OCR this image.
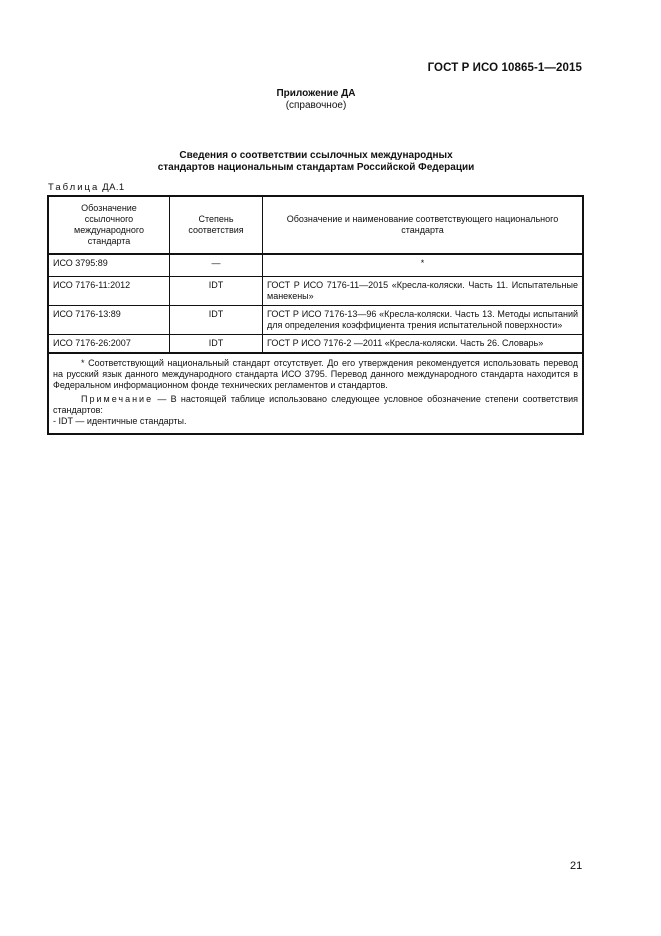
ГОСТ Р ИСО 10865-1—2015
Приложение ДА
(справочное)
Сведения о соответствии ссылочных международных
стандартов национальным стандартам Российской Федерации
Таблица ДА.1
Обозначение ссылочного международного стандарта	Степень соответствия	Обозначение и наименование соответствующего национального стандарта
ИСО 3795:89	—	*
ИСО 7176-11:2012	IDT	ГОСТ Р ИСО 7176-11—2015 «Кресла-коляски. Часть 11. Испытательные манекены»
ИСО 7176-13:89	IDT	ГОСТ Р ИСО 7176-13—96 «Кресла-коляски. Часть 13. Методы испытаний для определения коэффициента трения испытательной поверхности»
ИСО 7176-26:2007	IDT	ГОСТ Р ИСО 7176-2 —2011 «Кресла-коляски. Часть 26. Словарь»

* Соответствующий национальный стандарт отсутствует. До его утверждения рекомендуется использовать перевод на русский язык данного международного стандарта ИСО 3795. Перевод данного международного стандарта находится в Федеральном информационном фонде технических регламентов и стандартов.

Примечание — В настоящей таблице использовано следующее условное обозначение степени соответствия стандартов:

- IDT — идентичные стандарты.		

21
